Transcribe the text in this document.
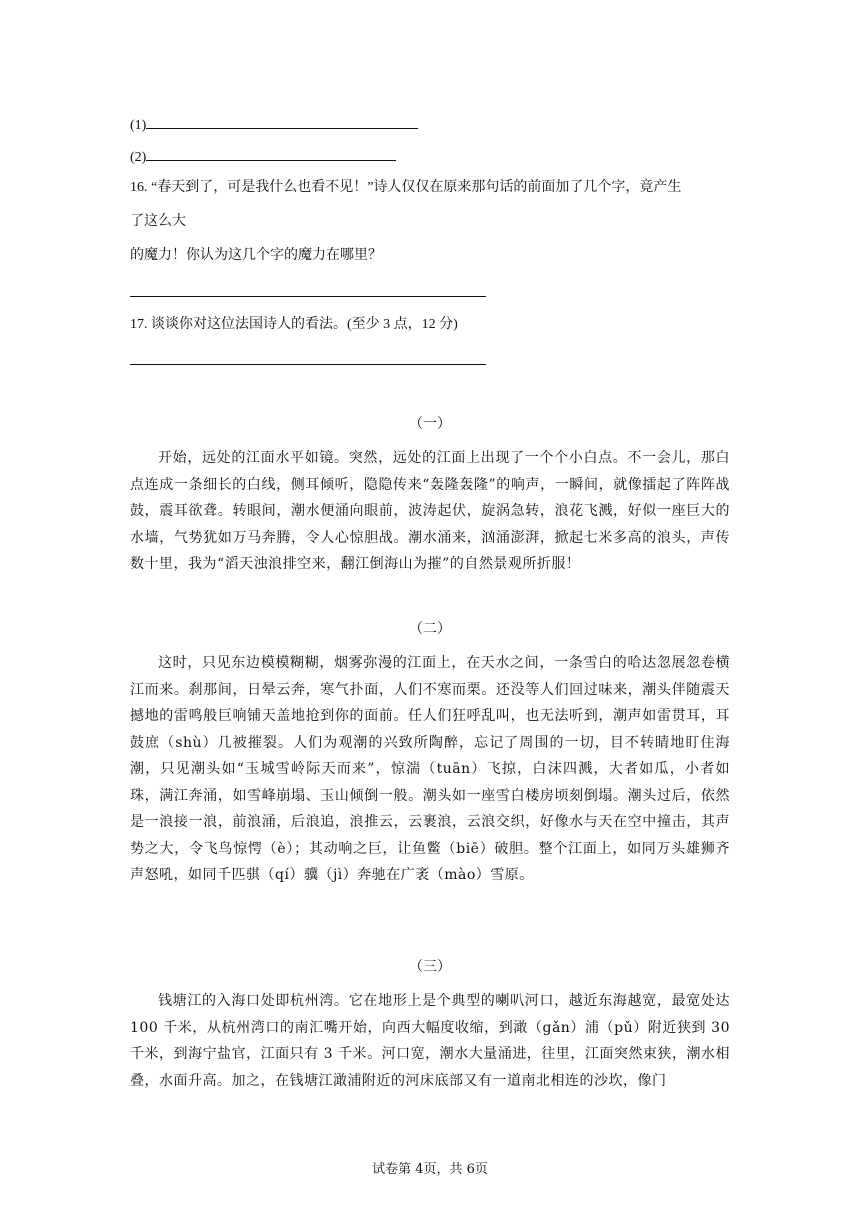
(1)
(2)
16. “春天到了，可是我什么也看不见！”诗人仅仅在原来那句话的前面加了几个字，竟产生
了这么大
的魔力！你认为这几个字的魔力在哪里？
17. 谈谈你对这位法国诗人的看法。(至少 3 点，12 分)
（一）
开始，远处的江面水平如镜。突然，远处的江面上出现了一个个小白点。不一会儿，那白点连成一条细长的白线，侧耳倾听，隐隐传来“轰隆轰隆”的响声，一瞬间，就像擂起了阵阵战鼓，震耳欲聋。转眼间，潮水便涌向眼前，波涛起伏，旋涡急转，浪花飞溅，好似一座巨大的水墙，气势犹如万马奔腾，令人心惊胆战。潮水涌来，汹涌澎湃，掀起七米多高的浪头，声传数十里，我为“滔天浊浪排空来，翻江倒海山为摧”的自然景观所折服！
（二）
这时，只见东边模模糊糊，烟雾弥漫的江面上，在天水之间，一条雪白的哈达忽展忽卷横江而来。刹那间，日晕云奔，寒气扑面，人们不寒而栗。还没等人们回过味来，潮头伴随震天撼地的雷鸣般巨响铺天盖地抢到你的面前。任人们狂呼乱叫，也无法听到，潮声如雷贯耳，耳鼓庶（shù）几被摧裂。人们为观潮的兴致所陶醉，忘记了周围的一切，目不转睛地盯住海潮，只见潮头如“玉城雪岭际天而来”，惊湍（tuān）飞掠，白沫四溅，大者如瓜，小者如珠，满江奔涌，如雪峰崩塌、玉山倾倒一般。潮头如一座雪白楼房顷刻倒塌。潮头过后，依然是一浪接一浪，前浪涌，后浪追，浪推云，云裹浪，云浪交织，好像水与天在空中撞击，其声势之大，令飞鸟惊愕（è）；其动响之巨，让鱼鳖（biē）破胆。整个江面上，如同万头雄狮齐声怒吼，如同千匹骐（qí）骥（jì）奔驰在广袤（mào）雪原。
（三）
钱塘江的入海口处即杭州湾。它在地形上是个典型的喇叭河口，越近东海越宽，最宽处达 100 千米，从杭州湾口的南汇嘴开始，向西大幅度收缩，到澉（gǎn）浦（pǔ）附近狭到 30 千米，到海宁盐官，江面只有 3 千米。河口宽，潮水大量涌进，往里，江面突然束狭，潮水相叠，水面升高。加之，在钱塘江澉浦附近的河床底部又有一道南北相连的沙坎，像门
试卷第 4页，共 6页
